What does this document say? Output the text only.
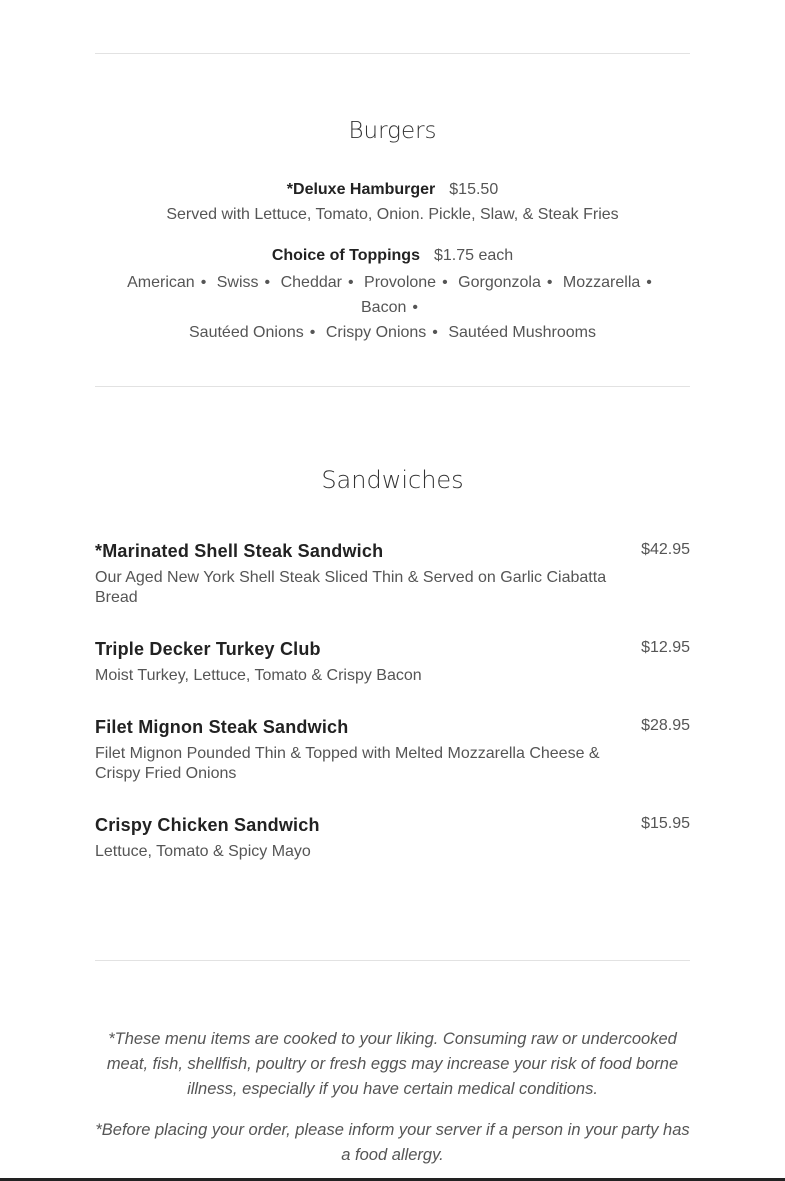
Burgers
*Deluxe Hamburger $15.50
Served with Lettuce, Tomato, Onion. Pickle, Slaw, & Steak Fries
Choice of Toppings $1.75 each
American • Swiss • Cheddar • Provolone • Gorgonzola • Mozzarella • Bacon •
Sautéed Onions • Crispy Onions • Sautéed Mushrooms
Sandwiches
*Marinated Shell Steak Sandwich	$42.95
Our Aged New York Shell Steak Sliced Thin & Served on Garlic Ciabatta Bread
Triple Decker Turkey Club	$12.95
Moist Turkey, Lettuce, Tomato & Crispy Bacon
Filet Mignon Steak Sandwich	$28.95
Filet Mignon Pounded Thin & Topped with Melted Mozzarella Cheese & Crispy Fried Onions
Crispy Chicken Sandwich	$15.95
Lettuce, Tomato & Spicy Mayo
*These menu items are cooked to your liking. Consuming raw or undercooked meat, fish, shellfish, poultry or fresh eggs may increase your risk of food borne illness, especially if you have certain medical conditions.
*Before placing your order, please inform your server if a person in your party has a food allergy.
